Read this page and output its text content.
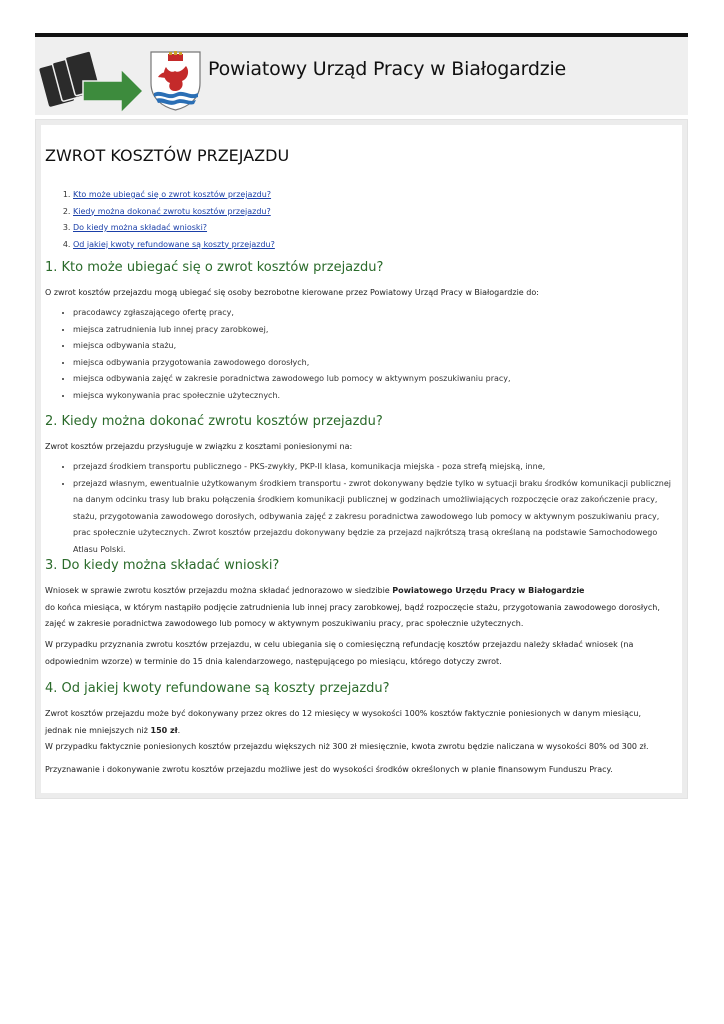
Powiatowy Urząd Pracy w Białogardzie
ZWROT KOSZTÓW PRZEJAZDU
1. Kto może ubiegać się o zwrot kosztów przejazdu?
2. Kiedy można dokonać zwrotu kosztów przejazdu?
3. Do kiedy można składać wnioski?
4. Od jakiej kwoty refundowane są koszty przejazdu?
1. Kto może ubiegać się o zwrot kosztów przejazdu?

O zwrot kosztów przejazdu mogą ubiegać się osoby bezrobotne kierowane przez Powiatowy Urząd Pracy w Białogardzie do:

• pracodawcy zgłaszającego ofertę pracy,
• miejsca zatrudnienia lub innej pracy zarobkowej,
• miejsca odbywania stażu,
• miejsca odbywania przygotowania zawodowego dorosłych,
• miejsca odbywania zajęć w zakresie poradnictwa zawodowego lub pomocy w aktywnym poszukiwaniu pracy,
• miejsca wykonywania prac społecznie użytecznych.
2. Kiedy można dokonać zwrotu kosztów przejazdu?

Zwrot kosztów przejazdu przysługuje w związku z kosztami poniesionymi na:

• przejazd środkiem transportu publicznego - PKS-zwykły, PKP-II klasa, komunikacja miejska - poza strefą miejską, inne,
• przejazd własnym, ewentualnie użytkowanym środkiem transportu - zwrot dokonywany będzie tylko w sytuacji braku środków komunikacji publicznej na danym odcinku trasy lub braku połączenia środkiem komunikacji publicznej w godzinach umożliwiających rozpoczęcie oraz zakończenie pracy, stażu, przygotowania zawodowego dorosłych, odbywania zajęć z zakresu poradnictwa zawodowego lub pomocy w aktywnym poszukiwaniu pracy, prac społecznie użytecznych. Zwrot kosztów przejazdu dokonywany będzie za przejazd najkrótszą trasą określaną na podstawie Samochodowego Atlasu Polski.
3. Do kiedy można składać wnioski?

Wniosek w sprawie zwrotu kosztów przejazdu można składać jednorazowo w siedzibie Powiatowego Urzędu Pracy w Białogardzie
do końca miesiąca, w którym nastąpiło podjęcie zatrudnienia lub innej pracy zarobkowej, bądź rozpoczęcie stażu, przygotowania zawodowego dorosłych, zajęć w zakresie poradnictwa zawodowego lub pomocy w aktywnym poszukiwaniu pracy, prac społecznie użytecznych.

W przypadku przyznania zwrotu kosztów przejazdu, w celu ubiegania się o comiesięczną refundację kosztów przejazdu należy składać wniosek (na odpowiednim wzorze) w terminie do 15 dnia kalendarzowego, następującego po miesiącu, którego dotyczy zwrot.

4. Od jakiej kwoty refundowane są koszty przejazdu?

Zwrot kosztów przejazdu może być dokonywany przez okres do 12 miesięcy w wysokości 100% kosztów faktycznie poniesionych w danym miesiącu, jednak nie mniejszych niż 150 zł.
W przypadku faktycznie poniesionych kosztów przejazdu większych niż 300 zł miesięcznie, kwota zwrotu będzie naliczana w wysokości 80% od 300 zł.

Przyznawanie i dokonywanie zwrotu kosztów przejazdu możliwe jest do wysokości środków określonych w planie finansowym Funduszu Pracy.
